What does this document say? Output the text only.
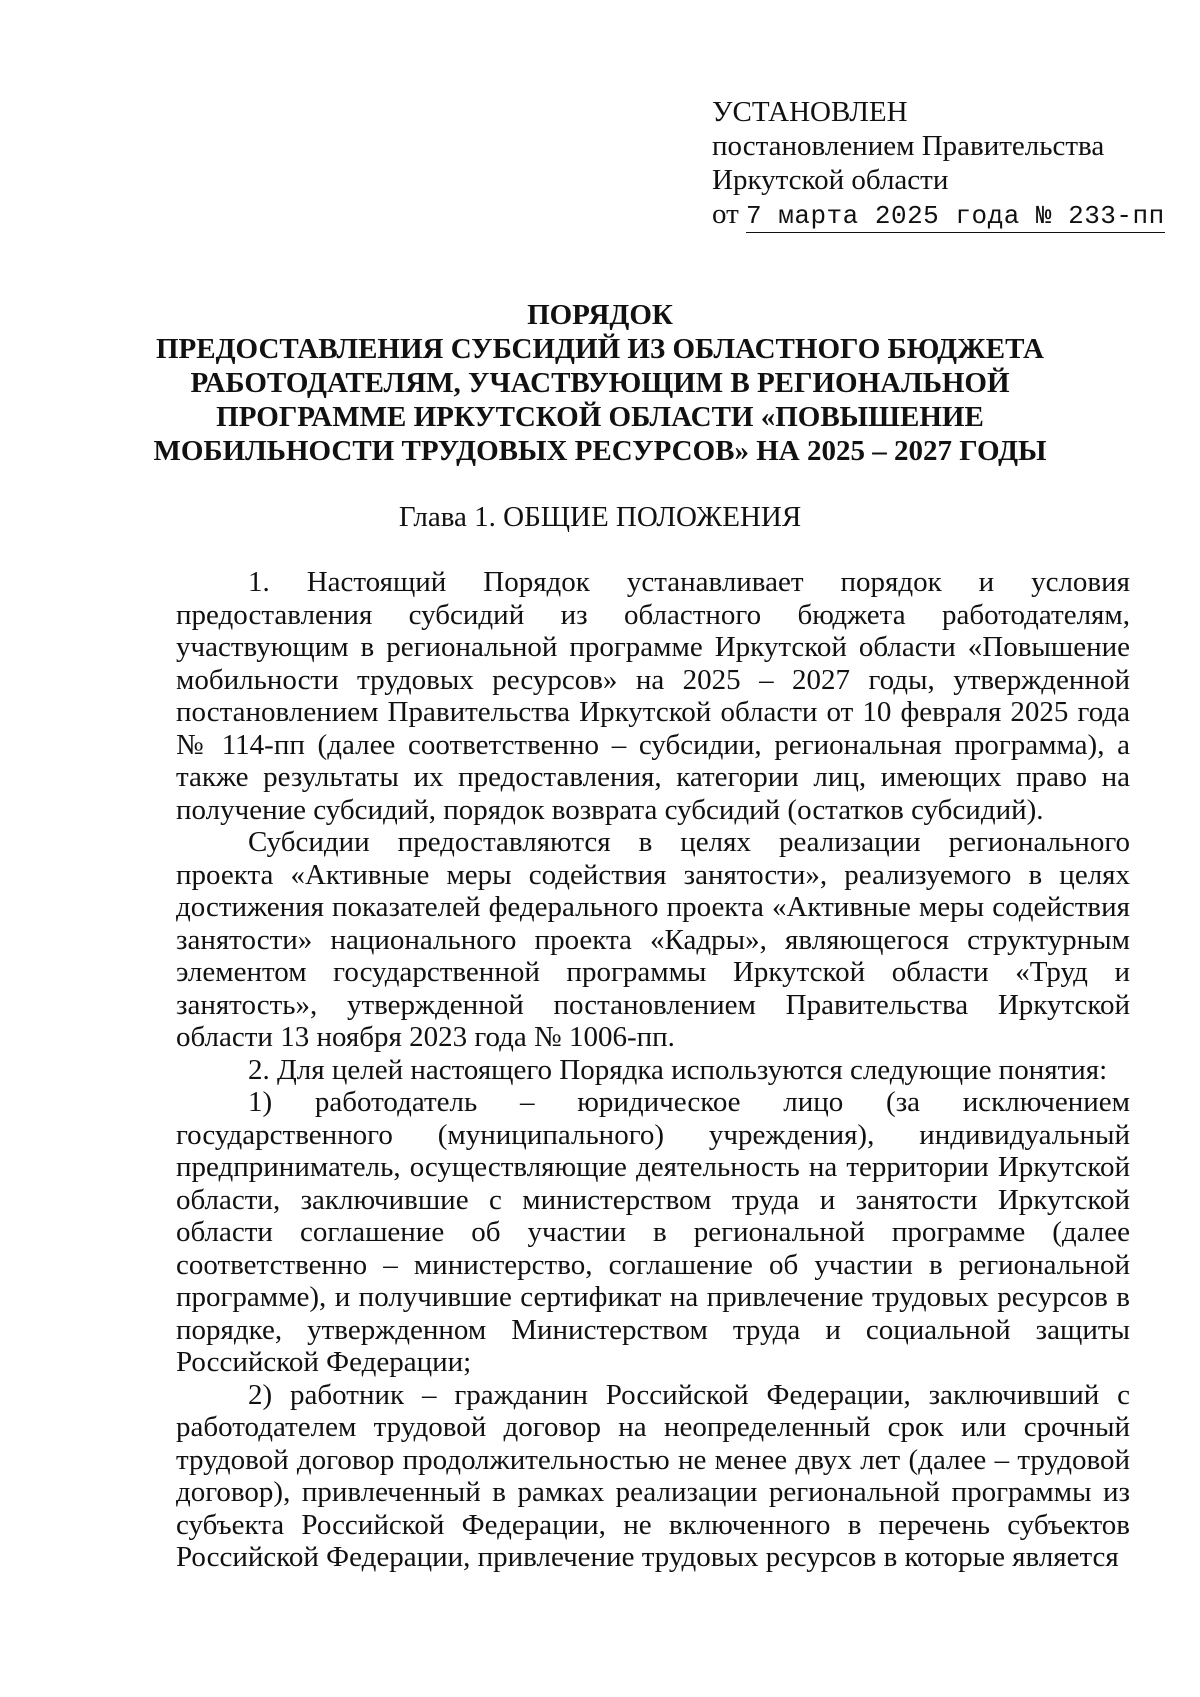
УСТАНОВЛЕН
постановлением Правительства
Иркутской области
от 7 марта 2025 года № 233-пп
ПОРЯДОК
ПРЕДОСТАВЛЕНИЯ СУБСИДИЙ ИЗ ОБЛАСТНОГО БЮДЖЕТА
РАБОТОДАТЕЛЯМ, УЧАСТВУЮЩИМ В РЕГИОНАЛЬНОЙ
ПРОГРАММЕ ИРКУТСКОЙ ОБЛАСТИ «ПОВЫШЕНИЕ
МОБИЛЬНОСТИ ТРУДОВЫХ РЕСУРСОВ» НА 2025 – 2027 ГОДЫ
Глава 1. ОБЩИЕ ПОЛОЖЕНИЯ

1. Настоящий Порядок устанавливает порядок и условия предоставления субсидий из областного бюджета работодателям, участвующим в региональной программе Иркутской области «Повышение мобильности трудовых ресурсов» на 2025 – 2027 годы, утвержденной постановлением Правительства Иркутской области от 10 февраля 2025 года № 114-пп (далее соответственно – субсидии, региональная программа), а также результаты их предоставления, категории лиц, имеющих право на получение субсидий, порядок возврата субсидий (остатков субсидий).

Субсидии предоставляются в целях реализации регионального проекта «Активные меры содействия занятости», реализуемого в целях достижения показателей федерального проекта «Активные меры содействия занятости» национального проекта «Кадры», являющегося структурным элементом государственной программы Иркутской области «Труд и занятость», утвержденной постановлением Правительства Иркутской области 13 ноября 2023 года № 1006-пп.

2. Для целей настоящего Порядка используются следующие понятия:

1) работодатель – юридическое лицо (за исключением государственного (муниципального) учреждения), индивидуальный предприниматель, осуществляющие деятельность на территории Иркутской области, заключившие с министерством труда и занятости Иркутской области соглашение об участии в региональной программе (далее соответственно – министерство, соглашение об участии в региональной программе), и получившие сертификат на привлечение трудовых ресурсов в порядке, утвержденном Министерством труда и социальной защиты Российской Федерации;

2) работник – гражданин Российской Федерации, заключивший с работодателем трудовой договор на неопределенный срок или срочный трудовой договор продолжительностью не менее двух лет (далее – трудовой договор), привлеченный в рамках реализации региональной программы из субъекта Российской Федерации, не включенного в перечень субъектов Российской Федерации, привлечение трудовых ресурсов в которые является
